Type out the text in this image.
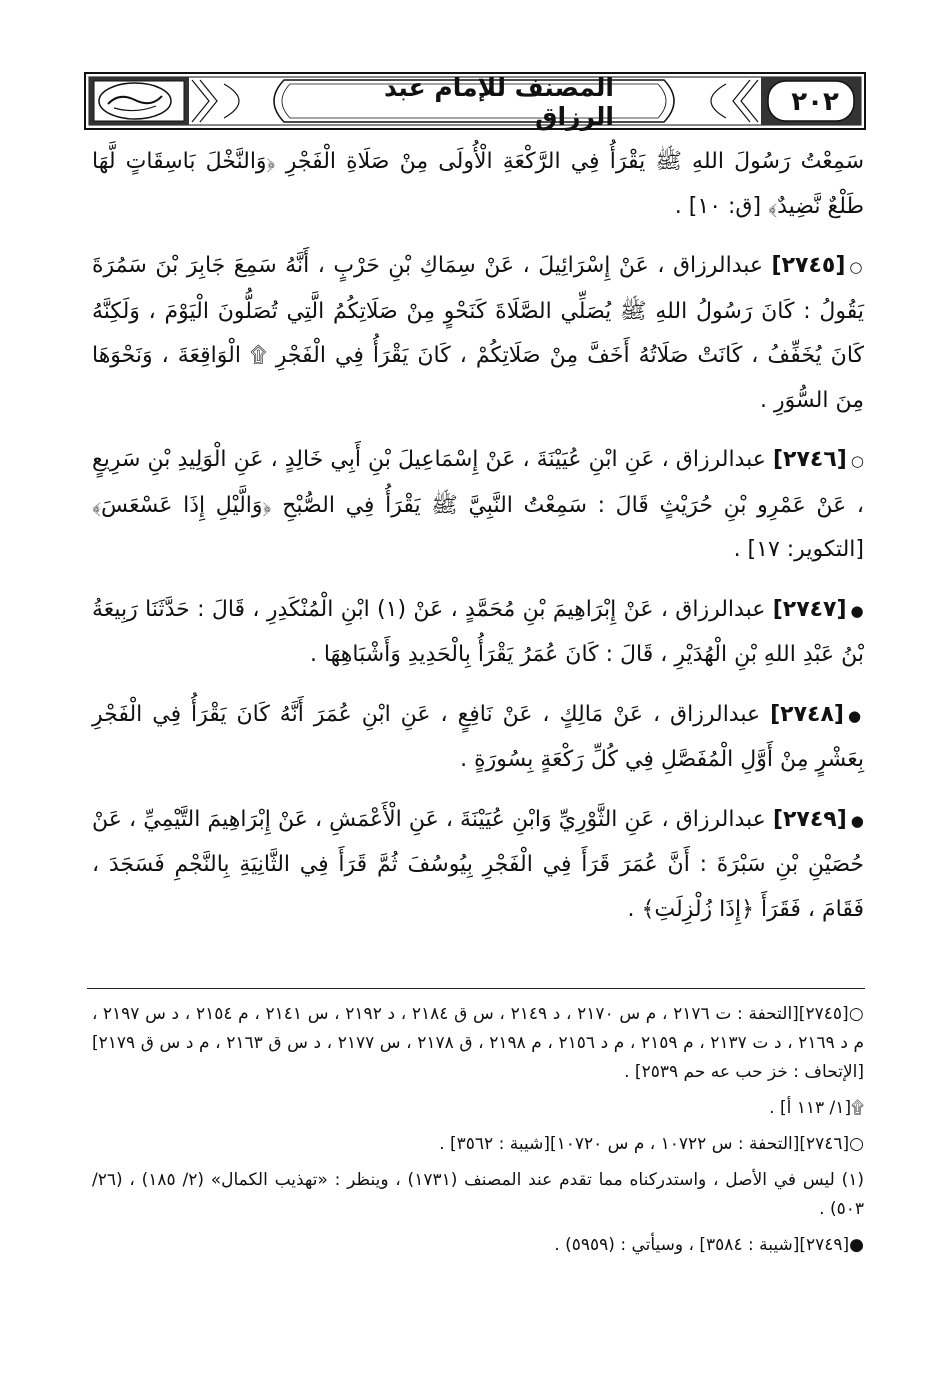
المصنف للإمام عبد الرزاق	٢٠٢

سَمِعْتُ رَسُولَ اللهِ ﷺ يَقْرَأُ فِي الرَّكْعَةِ الْأُولَى مِنْ صَلَاةِ الْفَجْرِ ﴿وَالنَّخْلَ بَاسِقَاتٍ لَّهَا طَلْعٌ نَّضِيدٌ﴾ [ق: ١٠] .

○[٢٧٤٥] عبدالرزاق ، عَنْ إِسْرَائِيلَ ، عَنْ سِمَاكِ بْنِ حَرْبٍ ، أَنَّهُ سَمِعَ جَابِرَ بْنَ سَمُرَةَ يَقُولُ : كَانَ رَسُولُ اللهِ ﷺ يُصَلِّي الصَّلَاةَ كَنَحْوٍ مِنْ صَلَاتِكُمُ الَّتِي تُصَلُّونَ الْيَوْمَ ، وَلَكِنَّهُ كَانَ يُخَفِّفُ ، كَانَتْ صَلَاتُهُ أَخَفَّ مِنْ صَلَاتِكُمْ ، كَانَ يَقْرَأُ فِي الْفَجْرِ ۩ الْوَاقِعَةَ ، وَنَحْوَهَا مِنَ السُّوَرِ .

○[٢٧٤٦] عبدالرزاق ، عَنِ ابْنِ عُيَيْنَةَ ، عَنْ إِسْمَاعِيلَ بْنِ أَبِي خَالِدٍ ، عَنِ الْوَلِيدِ بْنِ سَرِيعٍ ، عَنْ عَمْرِو بْنِ حُرَيْثٍ قَالَ : سَمِعْتُ النَّبِيَّ ﷺ يَقْرَأُ فِي الصُّبْحِ ﴿وَالَّيْلِ إِذَا عَسْعَسَ﴾ [التكوير: ١٧] .

●[٢٧٤٧] عبدالرزاق ، عَنْ إِبْرَاهِيمَ بْنِ مُحَمَّدٍ ، عَنْ (١) ابْنِ الْمُنْكَدِرِ ، قَالَ : حَدَّثَنَا رَبِيعَةُ بْنُ عَبْدِ اللهِ بْنِ الْهُدَيْرِ ، قَالَ : كَانَ عُمَرُ يَقْرَأُ بِالْحَدِيدِ وَأَشْبَاهِهَا .

●[٢٧٤٨] عبدالرزاق ، عَنْ مَالِكٍ ، عَنْ نَافِعٍ ، عَنِ ابْنِ عُمَرَ أَنَّهُ كَانَ يَقْرَأُ فِي الْفَجْرِ بِعَشْرٍ مِنْ أَوَّلِ الْمُفَصَّلِ فِي كُلِّ رَكْعَةٍ بِسُورَةٍ .

●[٢٧٤٩] عبدالرزاق ، عَنِ الثَّوْرِيِّ وَابْنِ عُيَيْنَةَ ، عَنِ الْأَعْمَشِ ، عَنْ إِبْرَاهِيمَ التَّيْمِيِّ ، عَنْ حُصَيْنِ بْنِ سَبْرَةَ : أَنَّ عُمَرَ قَرَأَ فِي الْفَجْرِ بِيُوسُفَ ثُمَّ قَرَأَ فِي الثَّانِيَةِ بِالنَّجْمِ فَسَجَدَ ، فَقَامَ ، فَقَرَأَ ﴿إِذَا زُلْزِلَتِ﴾ .

○[٢٧٤٥][التحفة : ت ٢١٧٦ ، م س ٢١٧٠ ، د ٢١٤٩ ، س ق ٢١٨٤ ، د ٢١٩٢ ، س ٢١٤١ ، م ٢١٥٤ ، د س ٢١٩٧ ، م د ٢١٦٩ ، د ت ٢١٣٧ ، م ٢١٥٩ ، م د ٢١٥٦ ، م ٢١٩٨ ، ق ٢١٧٨ ، س ٢١٧٧ ، د س ق ٢١٦٣ ، م د س ق ٢١٧٩][الإتحاف : خز حب عه حم ٢٥٣٩] .

۩[١/ ١١٣ أ] .

○[٢٧٤٦][التحفة : س ١٠٧٢٢ ، م س ١٠٧٢٠][شيبة : ٣٥٦٢] .

(١) ليس في الأصل ، واستدركناه مما تقدم عند المصنف (١٧٣١) ، وينظر : «تهذيب الكمال» (٢/ ١٨٥) ، (٢٦/ ٥٠٣) .

●[٢٧٤٩][شيبة : ٣٥٨٤] ، وسيأتي : (٥٩٥٩) .
